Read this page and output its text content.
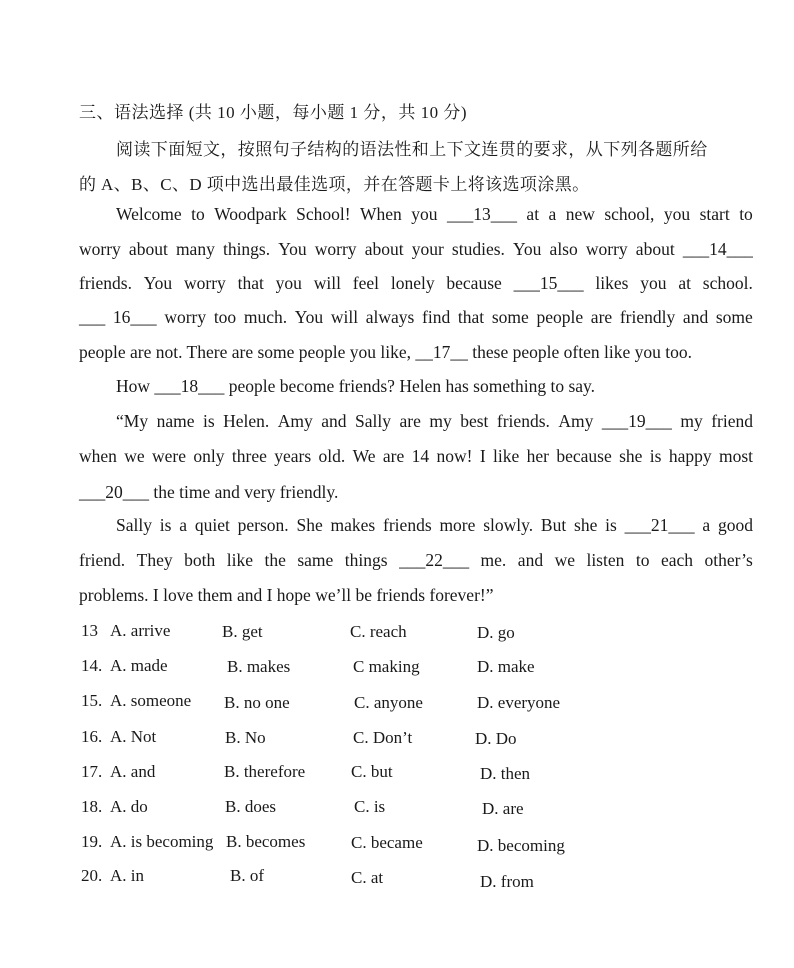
三、语法选择 (共 10 小题，每小题 1 分，共 10 分)
阅读下面短文，按照句子结构的语法性和上下文连贯的要求，从下列各题所给
的 A、B、C、D 项中选出最佳选项，并在答题卡上将该选项涂黑。
Welcome to Woodpark School! When you ___13___ at a new school, you start to
worry about many things. You worry about your studies. You also worry about ___14___
friends. You worry that you will feel lonely because ___15___ likes you at school.
___ 16___ worry too much. You will always find that some people are friendly and some
people are not. There are some people you like, __17__ these people often like you too.
How ___18___ people become friends? Helen has something to say.
“My name is Helen. Amy and Sally are my best friends. Amy ___19___ my friend
when we were only three years old. We are 14 now! I like her because she is happy most
___20___ the time and very friendly.
Sally is a quiet person. She makes friends more slowly. But she is ___21___ a good
friend. They both like the same things ___22___ me. and we listen to each other’s
problems. I love them and I hope we’ll be friends forever!”
13 A. arrive	B. get	C. reach	D. go
14. A. made	B. makes	C making	D. make
15. A. someone B. no one	C. anyone	D. everyone
16. A. Not	B. No	C. Don’t	D. Do
17. A. and	B. therefore	C. but	D. then
18. A. do	B. does	C. is	D. are
19. A. is becoming B. becomes	C. became	D. becoming
20. A. in	B. of	C. at	D. from
